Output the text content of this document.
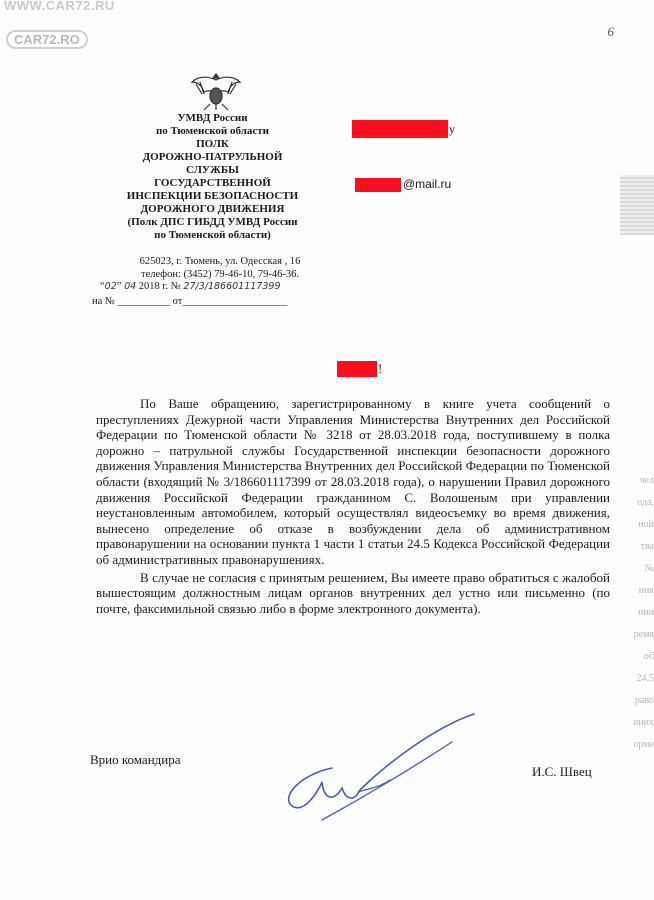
WWW.CAR72.RU
CAR72.RO
6
УМВД России
по Тюменской области
ПОЛК
ДОРОЖНО-ПАТРУЛЬНОЙ
СЛУЖБЫ
ГОСУДАРСТВЕННОЙ
ИНСПЕКЦИИ БЕЗОПАСНОСТИ
ДОРОЖНОГО ДВИЖЕНИЯ
(Полк ДПС ГИБДД УМВД России
по Тюменской области)
625023, г. Тюмень, ул. Одесская , 16
телефон: (3452) 79-46-10, 79-46-36.
“02” 04 2018 г. № 27/3/186601117399
на № __________ от____________________
у
@mail.ru
!

По Ваше обращению, зарегистрированному в книге учета сообщений о преступлениях Дежурной части Управления Министерства Внутренних дел Российской Федерации по Тюменской области № 3218 от 28.03.2018 года, поступившему в полка дорожно – патрульной службы Государственной инспекции безопасности дорожного движения Управления Министерства Внутренних дел Российской Федерации по Тюменской области (входящий № 3/186601117399 от 28.03.2018 года), о нарушении Правил дорожного движения Российской Федерации гражданином С. Волошеным при управлении неустановленным автомобилем, который осуществлял видеосъемку во время движения, вынесено определение об отказе в возбуждении дела об административном правонарушении на основании пункта 1 части 1 статьи 24.5 Кодекса Российской Федерации об административных правонарушениях.

В случае не согласия с принятым решением, Вы имеете право обратиться с жалобой вышестоящим должностным лицам органов внутренних дел устно или письменно (по почте, факсимильной связью либо в форме электронного документа).

чел
ода,
ной
тва
№
ния
нии
ремя
об
24.5
раво
иних
орме
Врио командира
И.С. Швец
